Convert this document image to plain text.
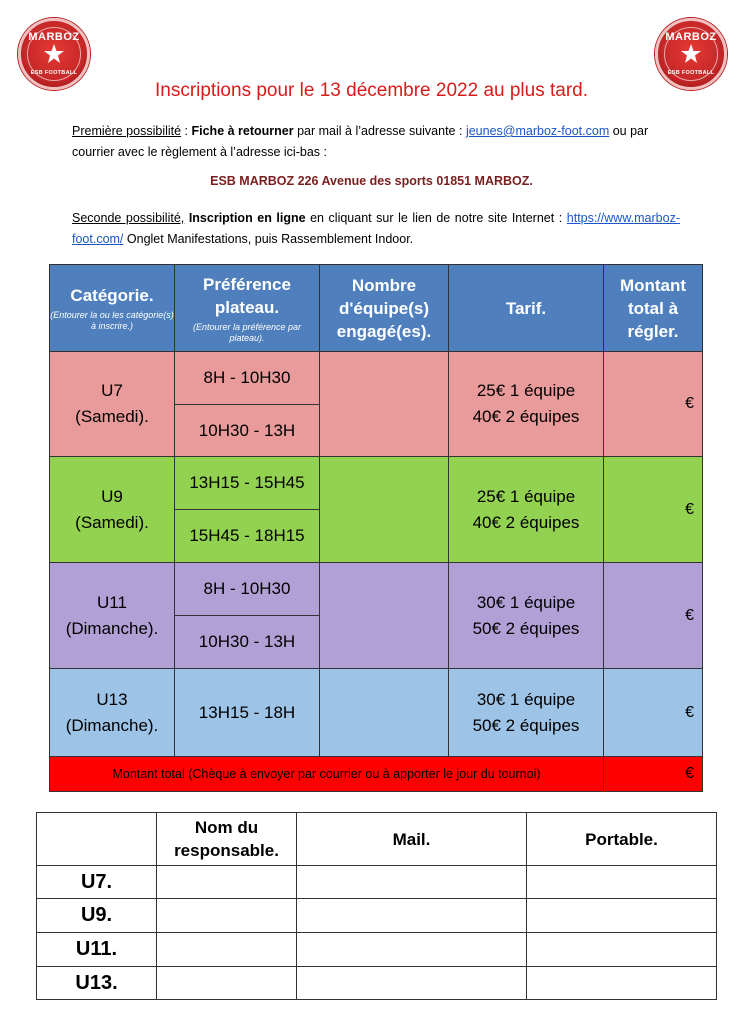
MARBOZ
ESB FOOTBALL
MARBOZ
ESB FOOTBALL
Inscriptions pour le 13 décembre 2022 au plus tard.
Première possibilité : Fiche à retourner par mail à l’adresse suivante : jeunes@marboz-foot.com ou par courrier avec le règlement à l’adresse ici-bas :
ESB MARBOZ 226 Avenue des sports 01851 MARBOZ.
Seconde possibilité, Inscription en ligne en cliquant sur le lien de notre site Internet : https://www.marboz-foot.com/ Onglet Manifestations, puis Rassemblement Indoor.
Catégorie.
(Entourer la ou les catégorie(s) à inscrire.)
Préférence plateau.
(Entourer la préférence par plateau).
Nombre d'équipe(s) engagé(es).
Tarif.
Montant total à régler.
U7
(Samedi).
8H - 10H30
10H30 - 13H
25€ 1 équipe
40€ 2 équipes
€
U9
(Samedi).
13H15 - 15H45
15H45 - 18H15
25€ 1 équipe
40€ 2 équipes
€
U11
(Dimanche).
8H - 10H30
10H30 - 13H
30€ 1 équipe
50€ 2 équipes
€
U13
(Dimanche).
13H15 - 18H
30€ 1 équipe
50€ 2 équipes
€
Montant total (Chèque à envoyer par courrier ou à apporter le jour du tournoi)	€
Nom du responsable.
Mail.	Portable.
U7.
U9.
U11.
U13.
